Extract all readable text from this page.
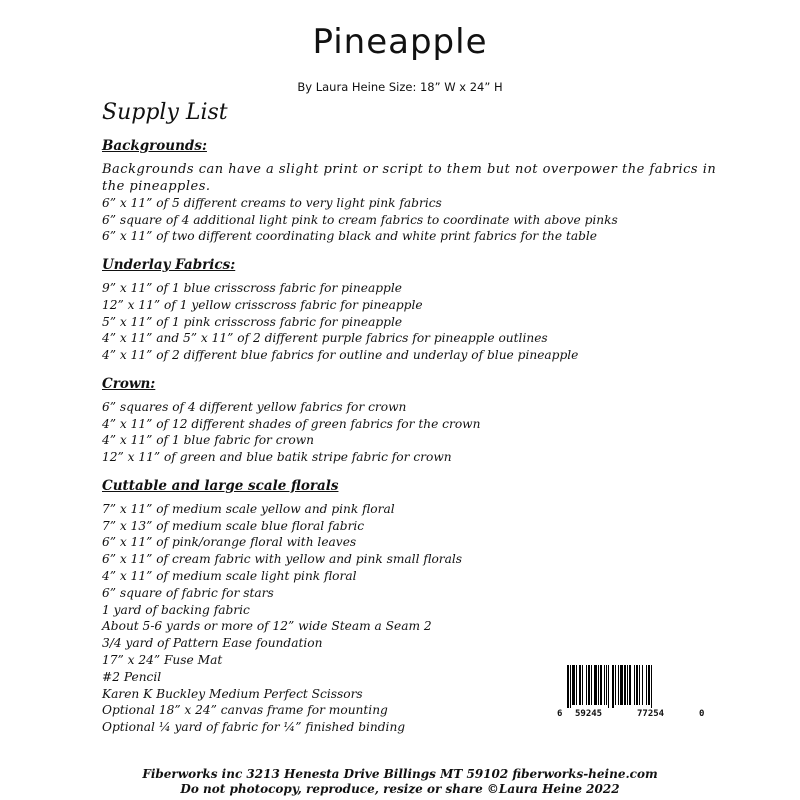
Pineapple
By Laura Heine Size: 18” W x 24” H
Supply List
Backgrounds:

Backgrounds can have a slight print or script to them but not overpower the fabrics in the pineapples.

6” x 11” of 5 different creams to very light pink fabrics

6” square of 4 additional light pink to cream fabrics to coordinate with above pinks

6” x 11” of two different coordinating black and white print fabrics for the table

Underlay Fabrics:

9” x 11” of 1 blue crisscross fabric for pineapple

12” x 11” of 1 yellow crisscross fabric for pineapple

5” x 11” of 1 pink crisscross fabric for pineapple

4” x 11” and 5” x 11” of 2 different purple fabrics for pineapple outlines

4” x 11” of 2 different blue fabrics for outline and underlay of blue pineapple

Crown:

6” squares of 4 different yellow fabrics for crown

4” x 11” of 12 different shades of green fabrics for the crown

4” x 11” of 1 blue fabric for crown

12” x 11” of green and blue batik stripe fabric for crown

Cuttable and large scale florals

7” x 11” of medium scale yellow and pink floral

7” x 13” of medium scale blue floral fabric

6” x 11” of pink/orange floral with leaves

6” x 11” of cream fabric with yellow and pink small florals

4” x 11” of medium scale light pink floral

6” square of fabric for stars

1 yard of backing fabric

About 5-6 yards or more of 12” wide Steam a Seam 2

3/4 yard of Pattern Ease foundation

17” x 24” Fuse Mat

#2 Pencil

Karen K Buckley Medium Perfect Scissors

Optional 18” x 24” canvas frame for mounting

Optional ¼ yard of fabric for ¼” finished binding

6 59245	77254	0
Fiberworks inc 3213 Henesta Drive Billings MT 59102 fiberworks-heine.com
Do not photocopy, reproduce, resize or share ©Laura Heine 2022
